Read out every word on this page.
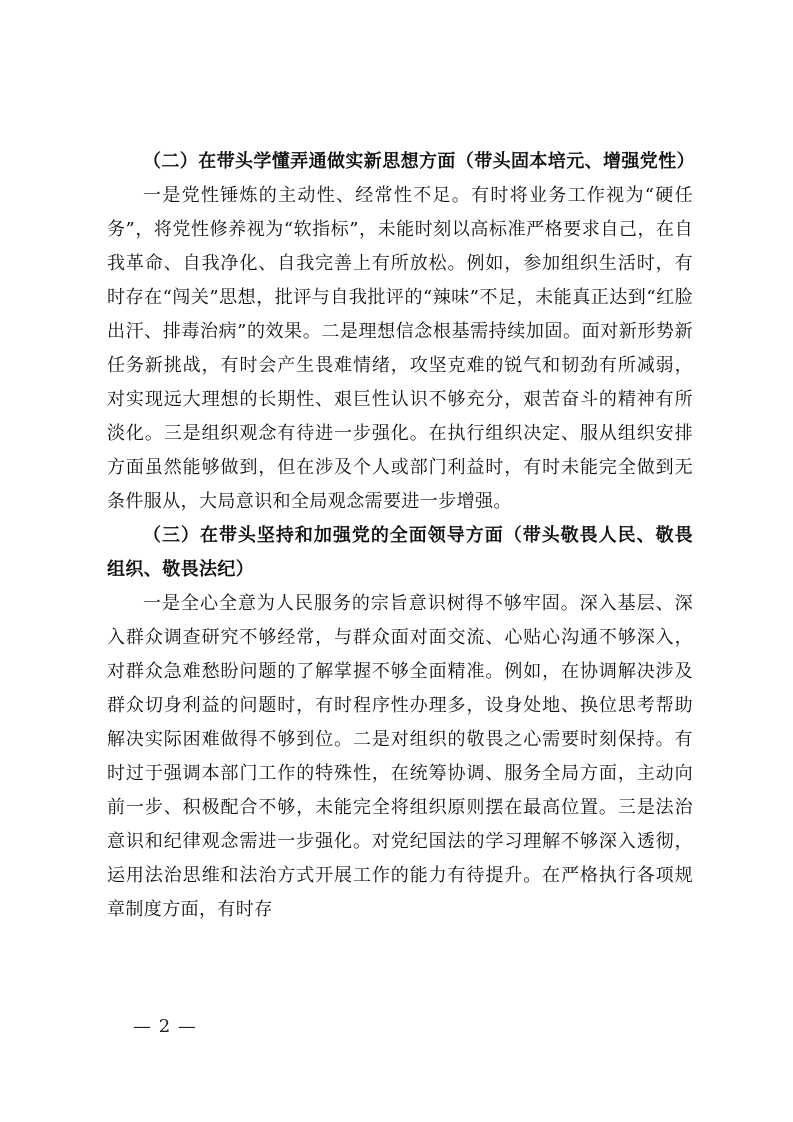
（二）在带头学懂弄通做实新思想方面（带头固本培元、增强党性）

一是党性锤炼的主动性、经常性不足。有时将业务工作视为“硬任务”，将党性修养视为“软指标”，未能时刻以高标准严格要求自己，在自我革命、自我净化、自我完善上有所放松。例如，参加组织生活时，有时存在“闯关”思想，批评与自我批评的“辣味”不足，未能真正达到“红脸出汗、排毒治病”的效果。二是理想信念根基需持续加固。面对新形势新任务新挑战，有时会产生畏难情绪，攻坚克难的锐气和韧劲有所减弱，对实现远大理想的长期性、艰巨性认识不够充分，艰苦奋斗的精神有所淡化。三是组织观念有待进一步强化。在执行组织决定、服从组织安排方面虽然能够做到，但在涉及个人或部门利益时，有时未能完全做到无条件服从，大局意识和全局观念需要进一步增强。

（三）在带头坚持和加强党的全面领导方面（带头敬畏人民、敬畏组织、敬畏法纪）

一是全心全意为人民服务的宗旨意识树得不够牢固。深入基层、深入群众调查研究不够经常，与群众面对面交流、心贴心沟通不够深入，对群众急难愁盼问题的了解掌握不够全面精准。例如，在协调解决涉及群众切身利益的问题时，有时程序性办理多，设身处地、换位思考帮助解决实际困难做得不够到位。二是对组织的敬畏之心需要时刻保持。有时过于强调本部门工作的特殊性，在统筹协调、服务全局方面，主动向前一步、积极配合不够，未能完全将组织原则摆在最高位置。三是法治意识和纪律观念需进一步强化。对党纪国法的学习理解不够深入透彻，运用法治思维和法治方式开展工作的能力有待提升。在严格执行各项规章制度方面，有时存

— 2 —
